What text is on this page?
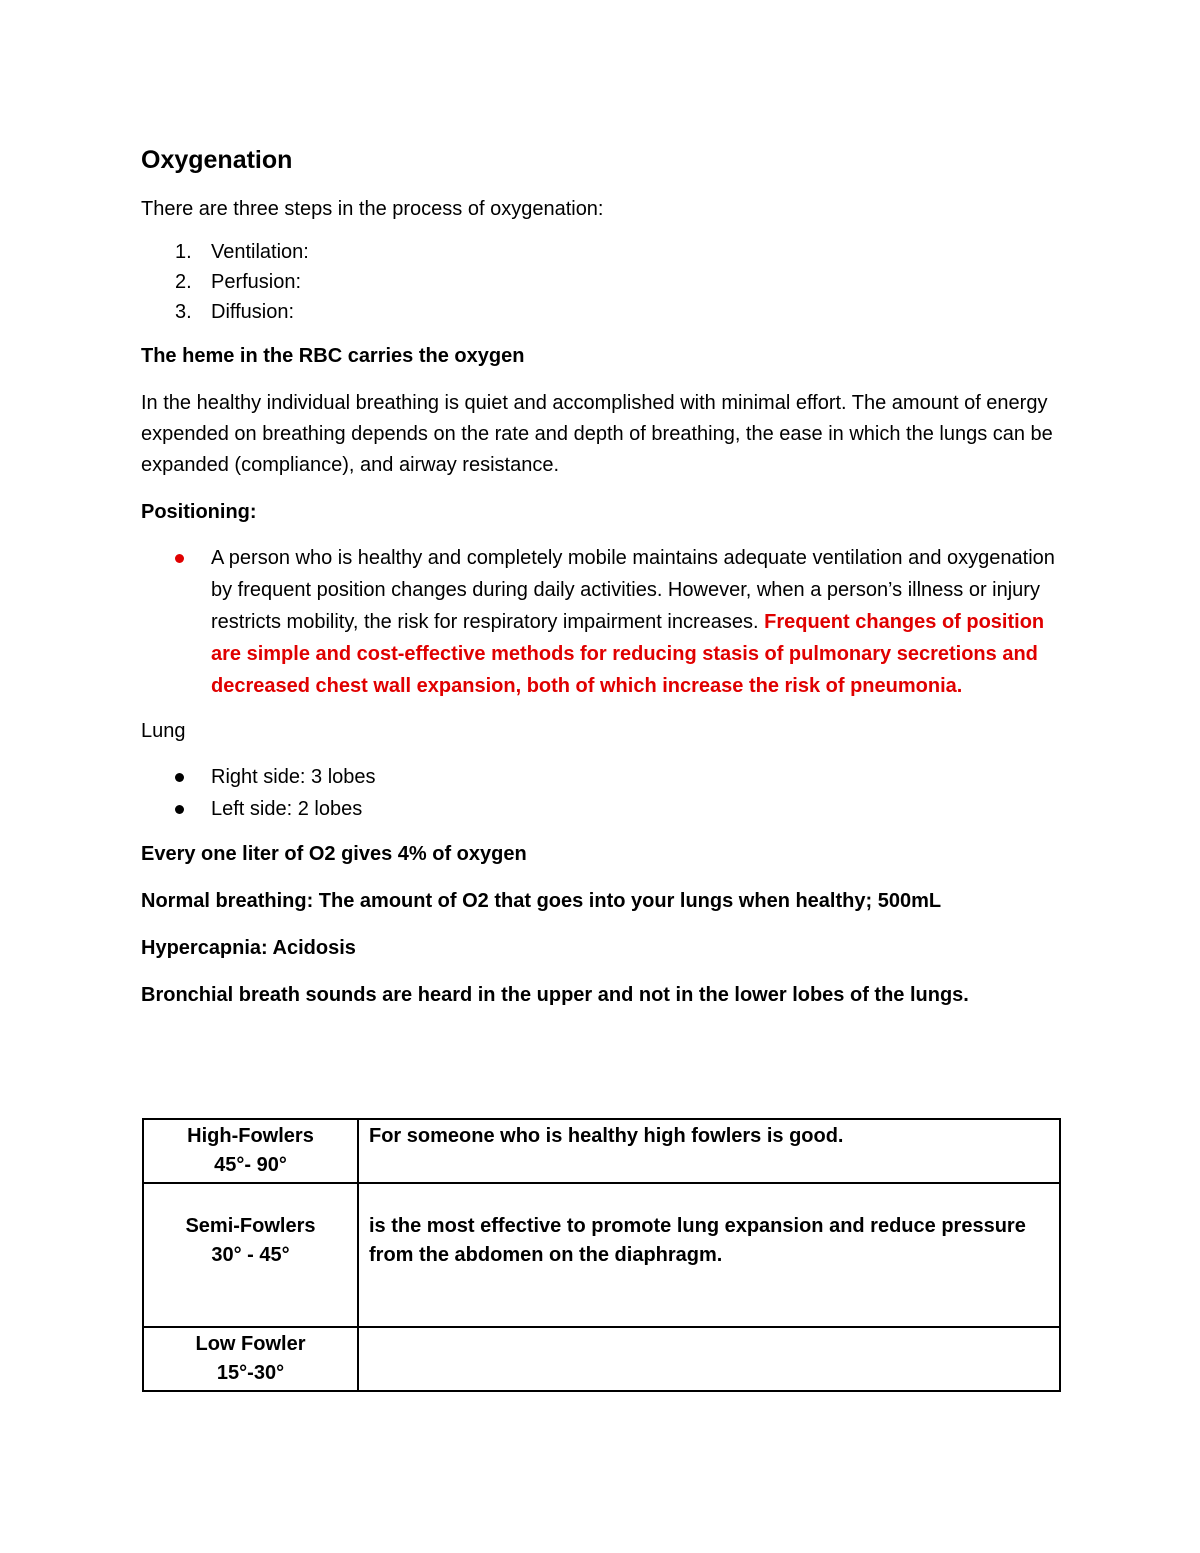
Oxygenation

There are three steps in the process of oxygenation:

1. Ventilation:
2. Perfusion:
3. Diffusion:

The heme in the RBC carries the oxygen

In the healthy individual breathing is quiet and accomplished with minimal effort. The amount of energy expended on breathing depends on the rate and depth of breathing, the ease in which the lungs can be expanded (compliance), and airway resistance.

Positioning:

A person who is healthy and completely mobile maintains adequate ventilation and oxygenation by frequent position changes during daily activities. However, when a person’s illness or injury restricts mobility, the risk for respiratory impairment increases. Frequent changes of position are simple and cost-effective methods for reducing stasis of pulmonary secretions and decreased chest wall expansion, both of which increase the risk of pneumonia.

Lung

Right side: 3 lobes
Left side: 2 lobes

Every one liter of O2 gives 4% of oxygen

Normal breathing: The amount of O2 that goes into your lungs when healthy; 500mL

Hypercapnia: Acidosis

Bronchial breath sounds are heard in the upper and not in the lower lobes of the lungs.

High-Fowlers
45°- 90°	For someone who is healthy high fowlers is good.

Semi-Fowlers
30° - 45°	is the most effective to promote lung expansion and reduce pressure from the abdomen on the diaphragm.

Low Fowler
15°-30°	
